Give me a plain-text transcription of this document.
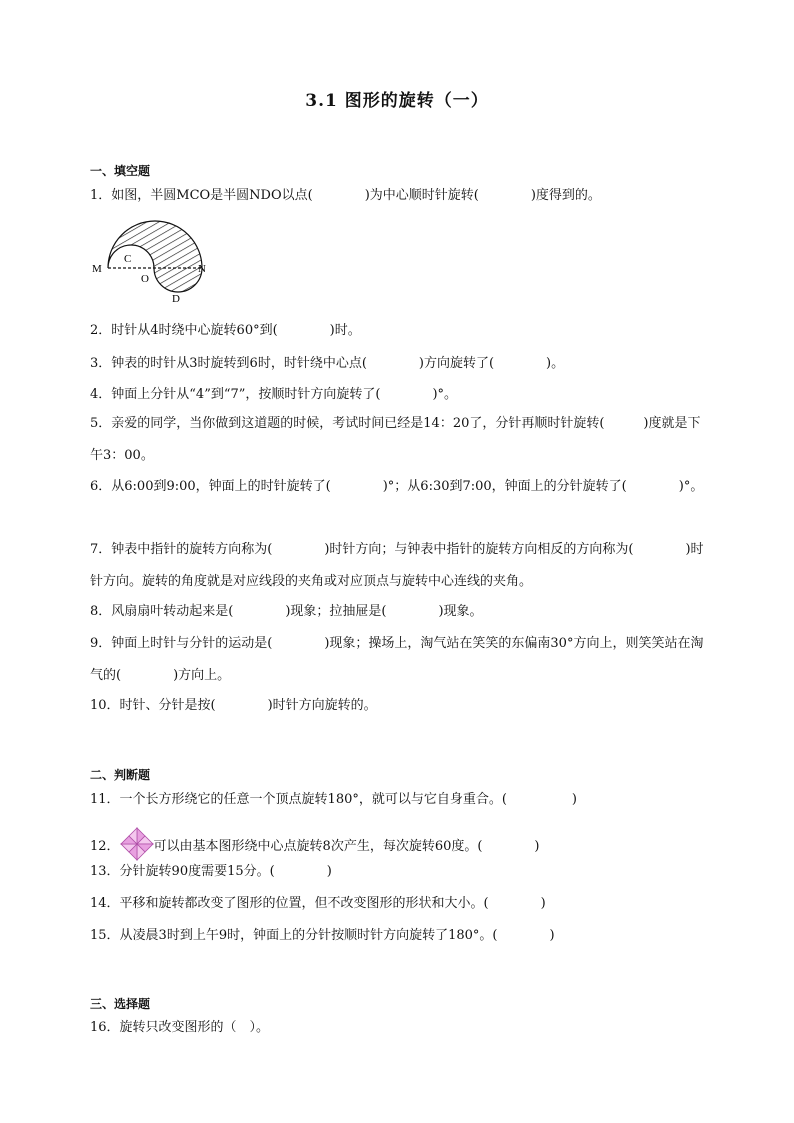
3.1 图形的旋转（一）
一、填空题
1．如图，半圆MCO是半圆NDO以点(　　　　)为中心顺时针旋转(　　　　)度得到的。
M
C
O
N
D
2．时针从4时绕中心旋转60°到(　　　　)时。
3．钟表的时针从3时旋转到6时，时针绕中心点(　　　　)方向旋转了(　　　　)。
4．钟面上分针从“4”到“7”，按顺时针方向旋转了(　　　　)°。
5．亲爱的同学，当你做到这道题的时候，考试时间已经是14：20了，分针再顺时针旋转(　　　)度就是下午3：00。
6．从6:00到9:00，钟面上的时针旋转了(　　　　)°；从6:30到7:00，钟面上的分针旋转了(　　　　)°。
7．钟表中指针的旋转方向称为(　　　　)时针方向；与钟表中指针的旋转方向相反的方向称为(　　　　)时针方向。旋转的角度就是对应线段的夹角或对应顶点与旋转中心连线的夹角。
8．风扇扇叶转动起来是(　　　　)现象；拉抽屉是(　　　　)现象。
9．钟面上时针与分针的运动是(　　　　)现象；操场上，淘气站在笑笑的东偏南30°方向上，则笑笑站在淘气的(　　　　)方向上。
10．时针、分针是按(　　　　)时针方向旋转的。
二、判断题
11．一个长方形绕它的任意一个顶点旋转180°，就可以与它自身重合。(　　　　　)
12．	可以由基本图形绕中心点旋转8次产生，每次旋转60度。(　　　　)
13．分针旋转90度需要15分。(　　　　)
14．平移和旋转都改变了图形的位置，但不改变图形的形状和大小。(　　　　)
15．从凌晨3时到上午9时，钟面上的分针按顺时针方向旋转了180°。(　　　　)
三、选择题
16．旋转只改变图形的（　）。
